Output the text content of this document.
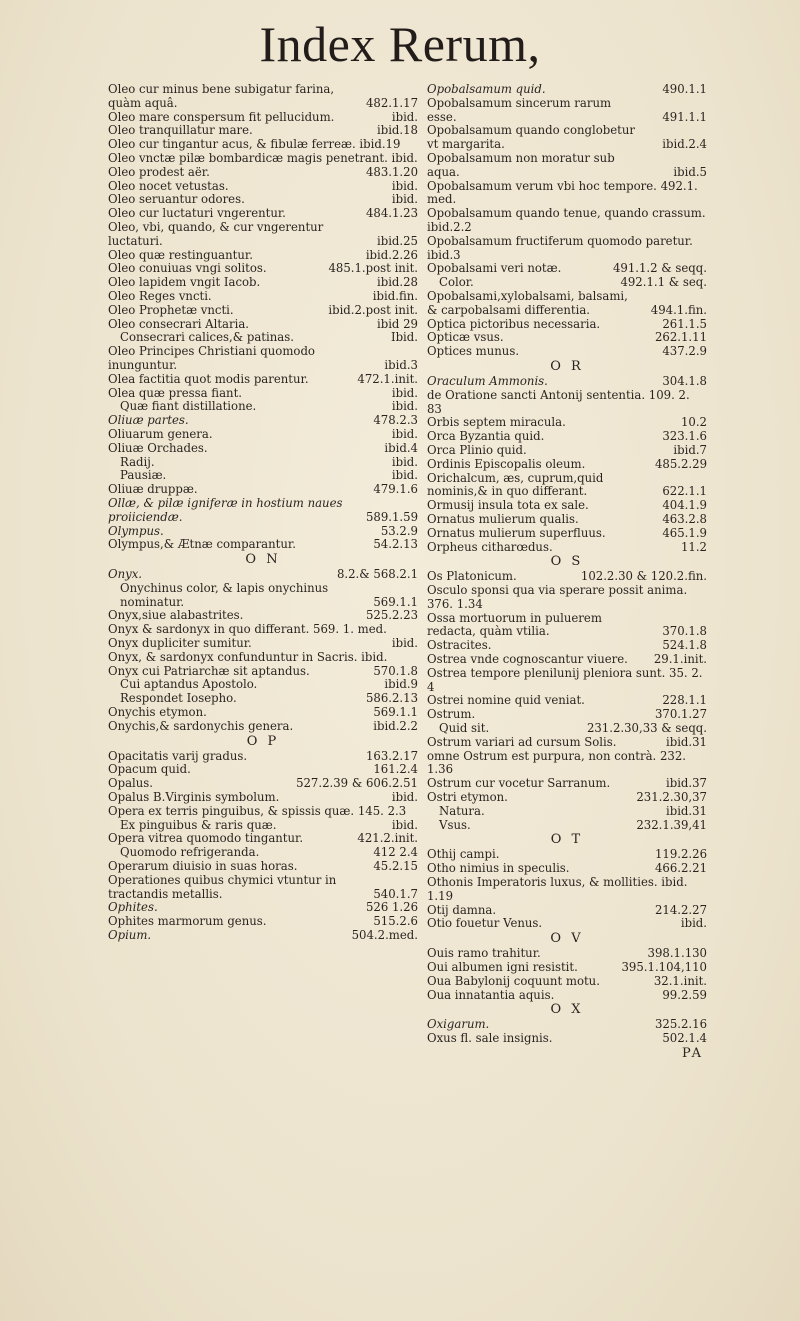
Index Rerum,
Oleo cur minus bene subigatur farina, quàm aquâ.	482.1.17
Oleo mare conspersum fit pellucidum.	ibid.
Oleo tranquillatur mare.	ibid.18
Oleo cur tingantur acus, & fibulæ ferreæ. ibid.19
Oleo vnctæ pilæ bombardicæ magis penetrant. ibid.
Oleo prodest aër.	483.1.20
Oleo nocet vetustas.	ibid.
Oleo seruantur odores.	ibid.
Oleo cur luctaturi vngerentur.	484.1.23
Oleo, vbi, quando, & cur vngerentur luctaturi.	ibid.25
Oleo quæ restinguantur.	ibid.2.26
Oleo conuiuas vngi solitos.	485.1.post init.
Oleo lapidem vngit Iacob.	ibid.28
Oleo Reges vncti.	ibid.fin.
Oleo Prophetæ vncti.	ibid.2.post init.
Oleo consecrari Altaria.	ibid 29
Consecrari calices,& patinas.	Ibid.
Oleo Principes Christiani quomodo inunguntur.	ibid.3
Olea factitia quot modis parentur.	472.1.init.
Olea quæ pressa fiant.	ibid.
Quæ fiant distillatione.	ibid.
Oliuæ partes.	478.2.3
Oliuarum genera.	ibid.
Oliuæ Orchades.	ibid.4
Radij.	ibid.
Pausiæ.	ibid.
Oliuæ druppæ.	479.1.6
Ollæ, & pilæ igniferæ in hostium naues proiiciendæ.	589.1.59
Olympus.	53.2.9
Olympus,& Ætnæ comparantur.	54.2.13
O N
Onyx.	8.2.& 568.2.1
Onychinus color, & lapis onychinus nominatur.	569.1.1
Onyx,siue alabastrites.	525.2.23
Onyx & sardonyx in quo differant. 569. 1. med.
Onyx dupliciter sumitur.	ibid.
Onyx, & sardonyx confunduntur in Sacris. ibid.
Onyx cui Patriarchæ sit aptandus.	570.1.8
Cui aptandus Apostolo.	ibid.9
Respondet Iosepho.	586.2.13
Onychis etymon.	569.1.1
Onychis,& sardonychis genera.	ibid.2.2
O P
Opacitatis varij gradus.	163.2.17
Opacum quid.	161.2.4
Opalus.	527.2.39 & 606.2.51
Opalus B.Virginis symbolum.	ibid.
Opera ex terris pinguibus, & spissis quæ. 145. 2.3
Ex pinguibus & raris quæ.	ibid.
Opera vitrea quomodo tingantur.	421.2.init.
Quomodo refrigeranda.	412 2.4
Operarum diuisio in suas horas.	45.2.15
Operationes quibus chymici vtuntur in tractandis metallis.	540.1.7
Ophites.	526 1.26
Ophites marmorum genus.	515.2.6
Opium.	504.2.med.
Opobalsamum quid.	490.1.1
Opobalsamum sincerum rarum esse.	491.1.1
Opobalsamum quando conglobetur vt margarita.	ibid.2.4
Opobalsamum non moratur sub aqua.	ibid.5
Opobalsamum verum vbi hoc tempore. 492.1. med.
Opobalsamum quando tenue, quando crassum. ibid.2.2
Opobalsamum fructiferum quomodo paretur. ibid.3
Opobalsami veri notæ.	491.1.2 & seqq.
Color.	492.1.1 & seq.
Opobalsami,xylobalsami, balsami, & carpobalsami differentia.	494.1.fin.
Optica pictoribus necessaria.	261.1.5
Opticæ vsus.	262.1.11
Optices munus.	437.2.9
O R
Oraculum Ammonis.	304.1.8
de Oratione sancti Antonij sententia. 109. 2. 83
Orbis septem miracula.	10.2
Orca Byzantia quid.	323.1.6
Orca Plinio quid.	ibid.7
Ordinis Episcopalis oleum.	485.2.29
Orichalcum, æs, cuprum,quid nominis,& in quo differant.	622.1.1
Ormusij insula tota ex sale.	404.1.9
Ornatus mulierum qualis.	463.2.8
Ornatus mulierum superfluus.	465.1.9
Orpheus citharœdus.	11.2
O S
Os Platonicum.	102.2.30 & 120.2.fin.
Osculo sponsi qua via sperare possit anima. 376. 1.34
Ossa mortuorum in puluerem redacta, quàm vtilia.	370.1.8
Ostracites.	524.1.8
Ostrea vnde cognoscantur viuere.	29.1.init.
Ostrea tempore plenilunij pleniora sunt. 35. 2. 4
Ostrei nomine quid veniat.	228.1.1
Ostrum.	370.1.27
Quid sit.	231.2.30,33 & seqq.
Ostrum variari ad cursum Solis.	ibid.31
omne Ostrum est purpura, non contrà. 232. 1.36
Ostrum cur vocetur Sarranum.	ibid.37
Ostri etymon.	231.2.30,37
Natura.	ibid.31
Vsus.	232.1.39,41
O T
Othij campi.	119.2.26
Otho nimius in speculis.	466.2.21
Othonis Imperatoris luxus, & mollities. ibid. 1.19
Otij damna.	214.2.27
Otio fouetur Venus.	ibid.
O V
Ouis ramo trahitur.	398.1.130
Oui albumen igni resistit.	395.1.104,110
Oua Babylonij coquunt motu.	32.1.init.
Oua innatantia aquis.	99.2.59
O X
Oxigarum.	325.2.16
Oxus fl. sale insignis.	502.1.4
PA
